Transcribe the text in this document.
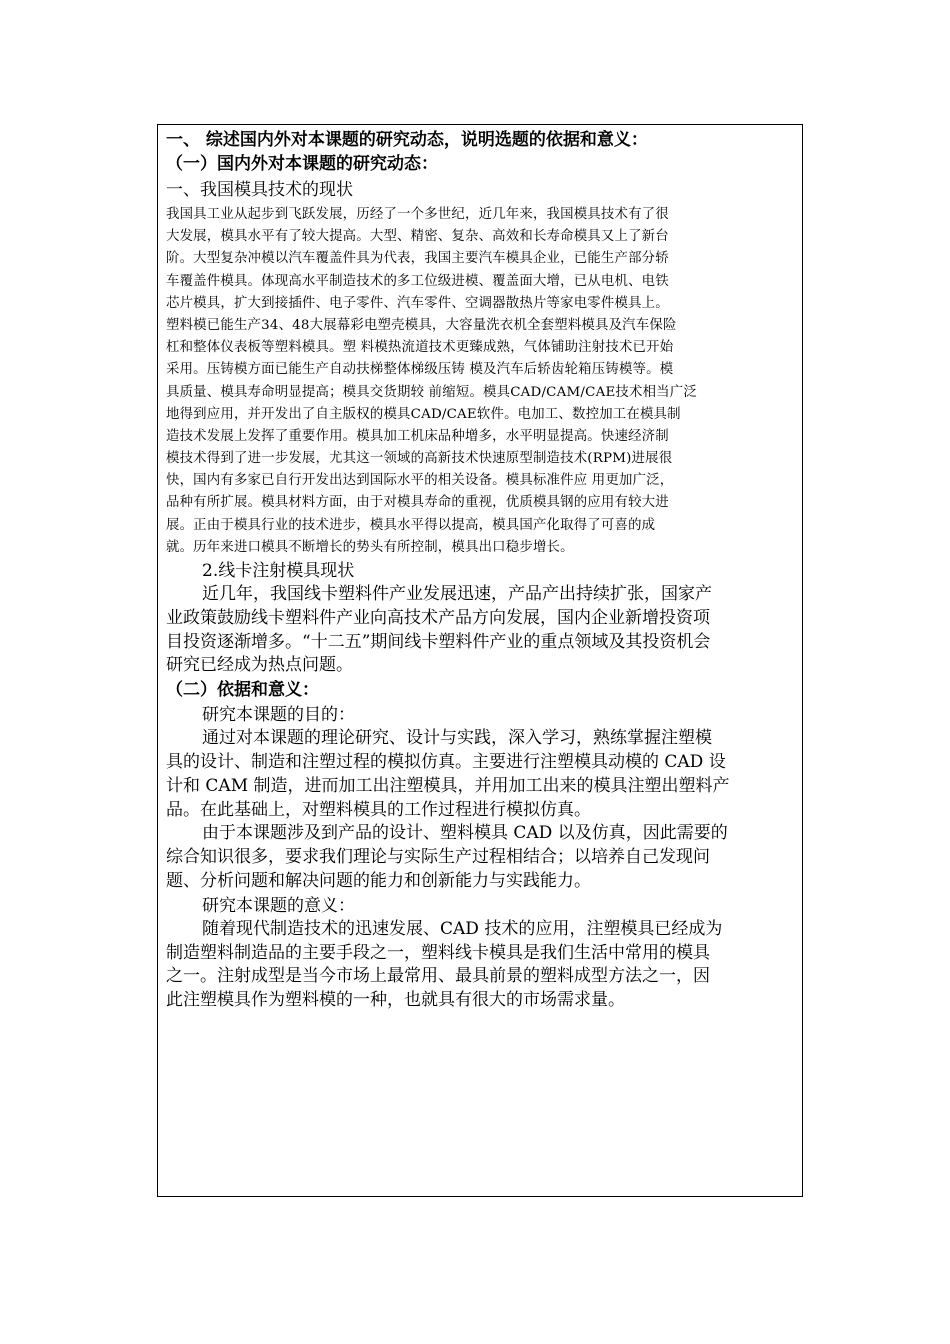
一、 综述国内外对本课题的研究动态，说明选题的依据和意义：
（一）国内外对本课题的研究动态：
一、我国模具技术的现状
我国具工业从起步到飞跃发展，历经了一个多世纪，近几年来，我国模具技术有了很
大发展，模具水平有了较大提高。大型、精密、复杂、高效和长寿命模具又上了新台
阶。大型复杂冲模以汽车覆盖件具为代表，我国主要汽车模具企业，已能生产部分轿
车覆盖件模具。体现高水平制造技术的多工位级进模、覆盖面大增，已从电机、电铁
芯片模具，扩大到接插件、电子零件、汽车零件、空调器散热片等家电零件模具上。
塑料模已能生产34、48大展幕彩电塑壳模具，大容量洗衣机全套塑料模具及汽车保险
杠和整体仪表板等塑料模具。塑 料模热流道技术更臻成熟，气体铺助注射技术已开始
采用。压铸模方面已能生产自动扶梯整体梯级压铸 模及汽车后轿齿轮箱压铸模等。模
具质量、模具寿命明显提高；模具交货期较 前缩短。模具CAD/CAM/CAE技术相当广泛
地得到应用，并开发出了自主版权的模具CAD/CAE软件。电加工、数控加工在模具制
造技术发展上发挥了重要作用。模具加工机床品种增多，水平明显提高。快速经济制
模技术得到了进一步发展，尤其这一领域的高新技术快速原型制造技术(RPM)进展很
快，国内有多家已自行开发出达到国际水平的相关设备。模具标准件应 用更加广泛，
品种有所扩展。模具材料方面，由于对模具寿命的重视，优质模具钢的应用有较大进
展。正由于模具行业的技术进步，模具水平得以提高，模具国产化取得了可喜的成
就。历年来进口模具不断增长的势头有所控制，模具出口稳步增长。
2.线卡注射模具现状
近几年，我国线卡塑料件产业发展迅速，产品产出持续扩张，国家产
业政策鼓励线卡塑料件产业向高技术产品方向发展，国内企业新增投资项
目投资逐渐增多。“十二五”期间线卡塑料件产业的重点领域及其投资机会
研究已经成为热点问题。
（二）依据和意义：
研究本课题的目的：
通过对本课题的理论研究、设计与实践，深入学习，熟练掌握注塑模
具的设计、制造和注塑过程的模拟仿真。主要进行注塑模具动模的 CAD 设
计和 CAM 制造，进而加工出注塑模具，并用加工出来的模具注塑出塑料产
品。在此基础上，对塑料模具的工作过程进行模拟仿真。
由于本课题涉及到产品的设计、塑料模具 CAD 以及仿真，因此需要的
综合知识很多，要求我们理论与实际生产过程相结合；以培养自己发现问
题、分析问题和解决问题的能力和创新能力与实践能力。
研究本课题的意义：
随着现代制造技术的迅速发展、CAD 技术的应用，注塑模具已经成为
制造塑料制造品的主要手段之一，塑料线卡模具是我们生活中常用的模具
之一。注射成型是当今市场上最常用、最具前景的塑料成型方法之一，因
此注塑模具作为塑料模的一种，也就具有很大的市场需求量。
